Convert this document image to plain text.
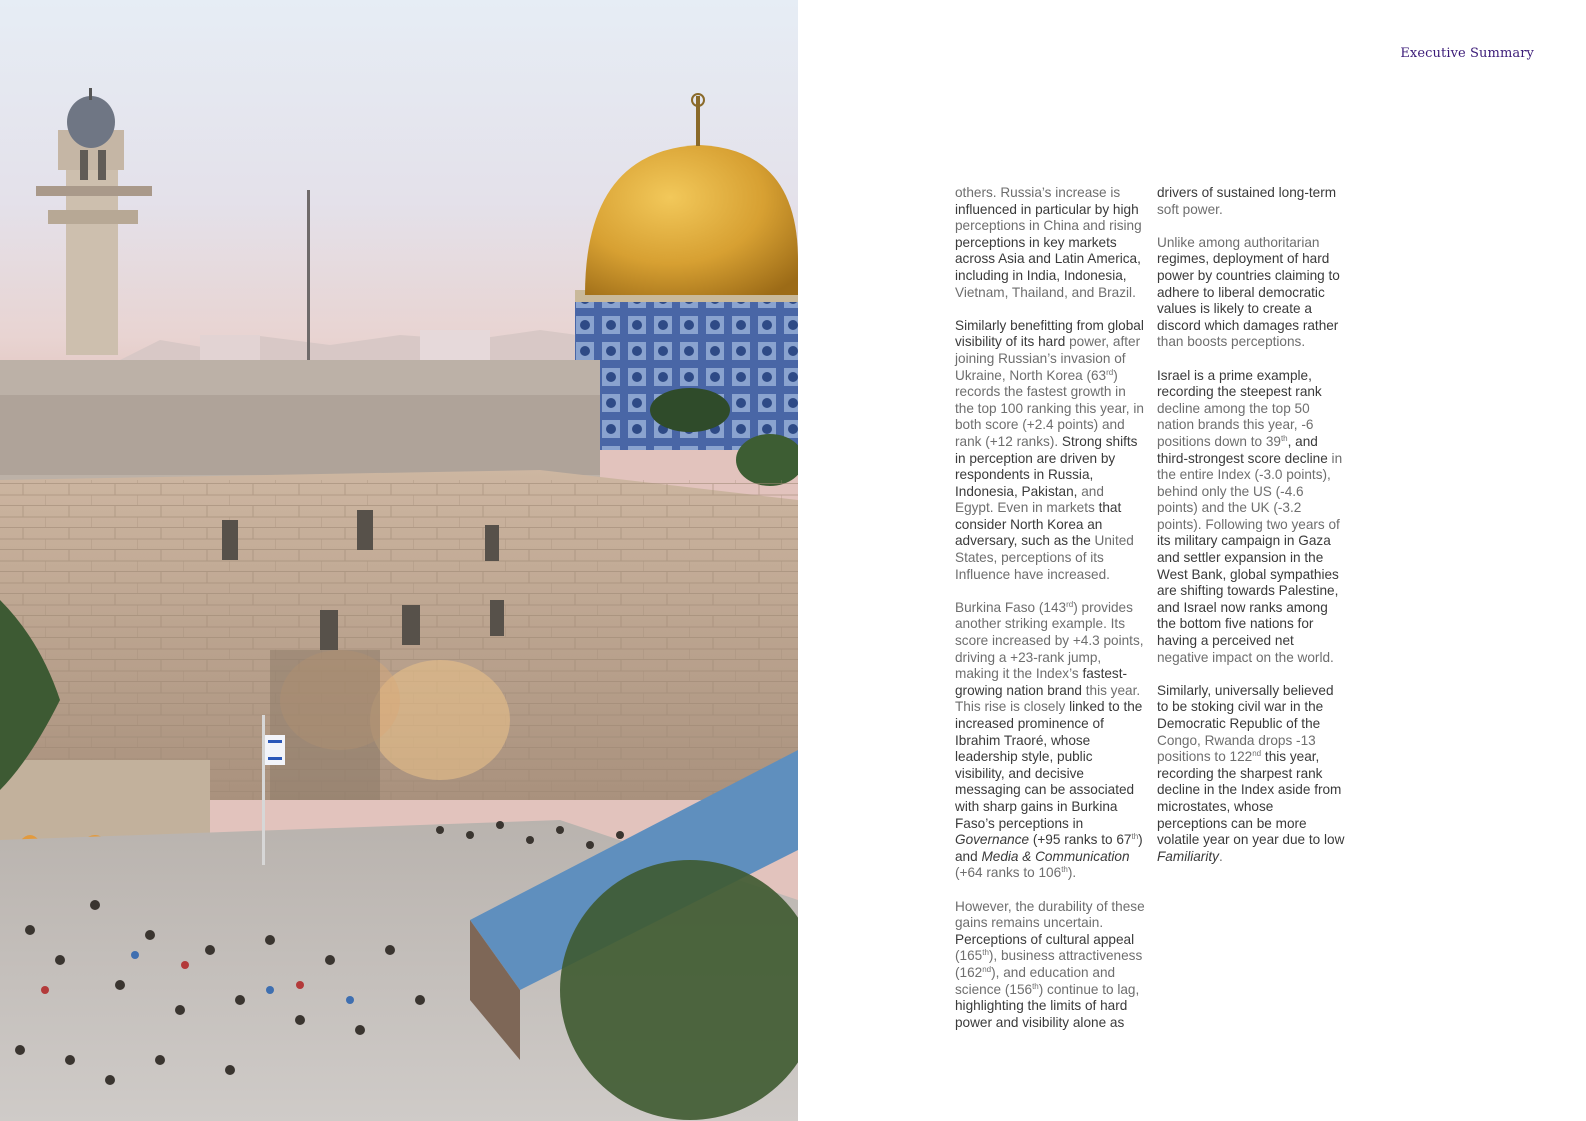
Executive Summary

others. Russia’s increase is influenced in particular by high perceptions in China and rising perceptions in key markets across Asia and Latin America, including in India, Indonesia, Vietnam, Thailand, and Brazil.

Similarly benefitting from global visibility of its hard power, after joining Russian’s invasion of Ukraine, North Korea (63rd) records the fastest growth in the top 100 ranking this year, in both score (+2.4 points) and rank (+12 ranks). Strong shifts in perception are driven by respondents in Russia, Indonesia, Pakistan, and Egypt. Even in markets that consider North Korea an adversary, such as the United States, perceptions of its Influence have increased.

Burkina Faso (143rd) provides another striking example. Its score increased by +4.3 points, driving a +23-rank jump, making it the Index’s fastest-growing nation brand this year. This rise is closely linked to the increased prominence of Ibrahim Traoré, whose leadership style, public visibility, and decisive messaging can be associated with sharp gains in Burkina Faso’s perceptions in Governance (+95 ranks to 67th) and Media & Communication (+64 ranks to 106th).

However, the durability of these gains remains uncertain. Perceptions of cultural appeal (165th), business attractiveness (162nd), and education and science (156th) continue to lag, highlighting the limits of hard power and visibility alone as

drivers of sustained long-term soft power.

Unlike among authoritarian regimes, deployment of hard power by countries claiming to adhere to liberal democratic values is likely to create a discord which damages rather than boosts perceptions.

Israel is a prime example, recording the steepest rank decline among the top 50 nation brands this year, -6 positions down to 39th, and third-strongest score decline in the entire Index (-3.0 points), behind only the US (-4.6 points) and the UK (-3.2 points). Following two years of its military campaign in Gaza and settler expansion in the West Bank, global sympathies are shifting towards Palestine, and Israel now ranks among the bottom five nations for having a perceived net negative impact on the world.

Similarly, universally believed to be stoking civil war in the Democratic Republic of the Congo, Rwanda drops -13 positions to 122nd this year, recording the sharpest rank decline in the Index aside from microstates, whose perceptions can be more volatile year on year due to low Familiarity.
